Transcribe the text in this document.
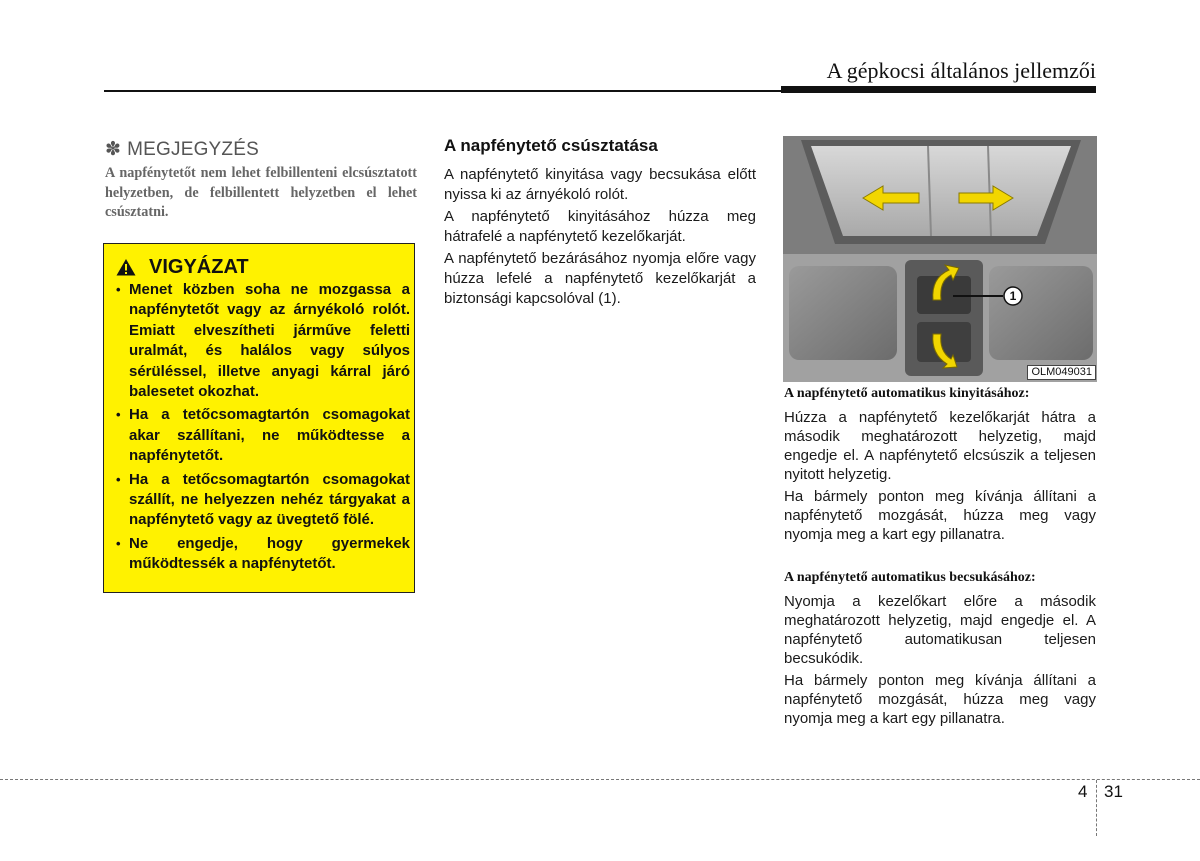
A gépkocsi általános jellemzői
✽ MEGJEGYZÉS
A napfénytetőt nem lehet felbillenteni elcsúsztatott helyzetben, de felbillentett helyzetben el lehet csúsztatni.
VIGYÁZAT
• Menet közben soha ne mozgassa a napfénytetőt vagy az árnyékoló rolót. Emiatt elveszítheti járműve feletti uralmát, és halálos vagy súlyos sérüléssel, illetve anyagi kárral járó balesetet okozhat.
• Ha a tetőcsomagtartón csomagokat akar szállítani, ne működtesse a napfénytetőt.
• Ha a tetőcsomagtartón csomagokat szállít, ne helyezzen nehéz tárgyakat a napfénytető vagy az üvegtető fölé.
• Ne engedje, hogy gyermekek működtessék a napfénytetőt.
A napfénytető csúsztatása

A napfénytető kinyitása vagy becsukása előtt nyissa ki az árnyékoló rolót.

A napfénytető kinyitásához húzza meg hátrafelé a napfénytető kezelőkarját.

A napfénytető bezárásához nyomja előre vagy húzza lefelé a napfénytető kezelőkarját a biztonsági kapcsolóval (1).	1
OLM049031
A napfénytető automatikus kinyitásához:

Húzza a napfénytető kezelőkarját hátra a második meghatározott helyzetig, majd engedje el. A napfénytető elcsúszik a teljesen nyitott helyzetig.

Ha bármely ponton meg kívánja állítani a napfénytető mozgását, húzza meg vagy nyomja meg a kart egy pillanatra.

A napfénytető automatikus becsukásához:

Nyomja a kezelőkart előre a második meghatározott helyzetig, majd engedje el. A napfénytető automatikusan teljesen becsukódik.

Ha bármely ponton meg kívánja állítani a napfénytető mozgását, húzza meg vagy nyomja meg a kart egy pillanatra.

4 31
